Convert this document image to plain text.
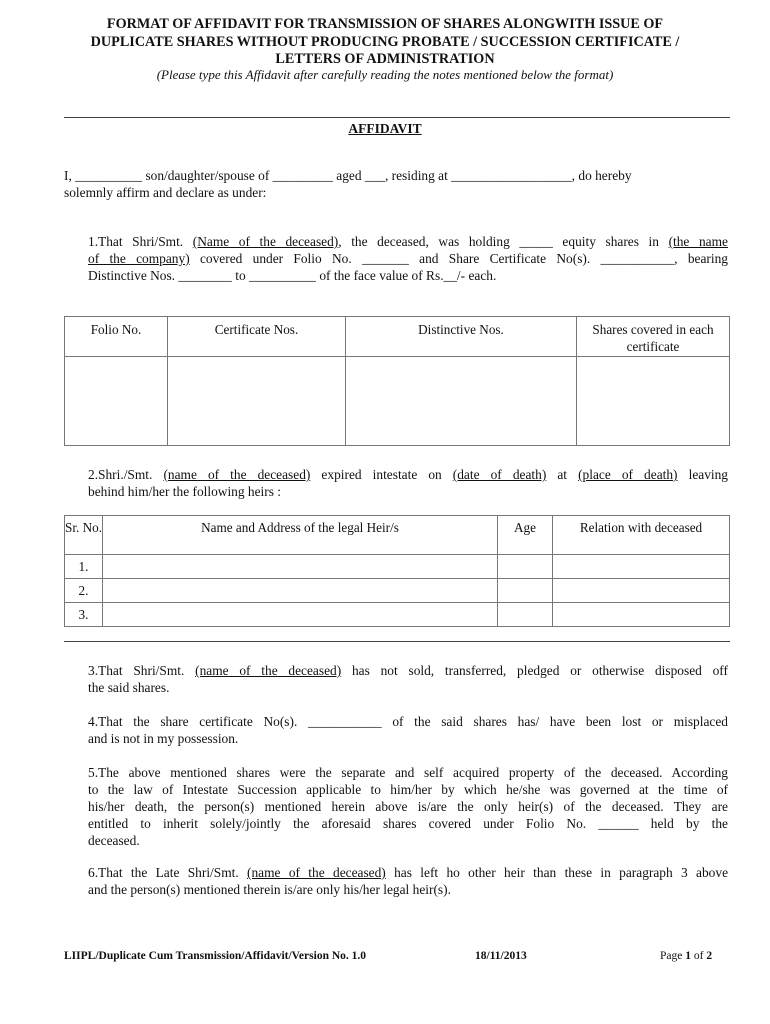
FORMAT OF AFFIDAVIT FOR TRANSMISSION OF SHARES ALONGWITH ISSUE OF
DUPLICATE SHARES WITHOUT PRODUCING PROBATE / SUCCESSION CERTIFICATE /
LETTERS OF ADMINISTRATION
(Please type this Affidavit after carefully reading the notes mentioned below the format)
AFFIDAVIT
I, __________ son/daughter/spouse of _________ aged ___, residing at __________________, do hereby
solemnly affirm and declare as under:
1.That Shri/Smt. (Name of the deceased), the deceased, was holding _____ equity shares in (the name
of the company) covered under Folio No. _______ and Share Certificate No(s). ___________, bearing
Distinctive Nos. ________ to __________ of the face value of Rs.__/- each.
Folio No.	Certificate Nos.	Distinctive Nos.	Shares covered in each certificate

2.Shri./Smt. (name of the deceased) expired intestate on (date of death) at (place of death) leaving
behind him/her the following heirs :
Sr. No.	Name and Address of the legal Heir/s	Age	Relation with deceased
1.			
2.			
3.			
3.That Shri/Smt. (name of the deceased) has not sold, transferred, pledged or otherwise disposed off
the said shares.
4.That the share certificate No(s). ___________ of the said shares has/ have been lost or misplaced
and is not in my possession.
5.The above mentioned shares were the separate and self acquired property of the deceased. According
to the law of Intestate Succession applicable to him/her by which he/she was governed at the time of
his/her death, the person(s) mentioned herein above is/are the only heir(s) of the deceased. They are
entitled to inherit solely/jointly the aforesaid shares covered under Folio No. ______ held by the
deceased.
6.That the Late Shri/Smt. (name of the deceased) has left ho other heir than these in paragraph 3 above
and the person(s) mentioned therein is/are only his/her legal heir(s).
LIIPL/Duplicate Cum Transmission/Affidavit/Version No. 1.0	18/11/2013	Page 1 of 2
